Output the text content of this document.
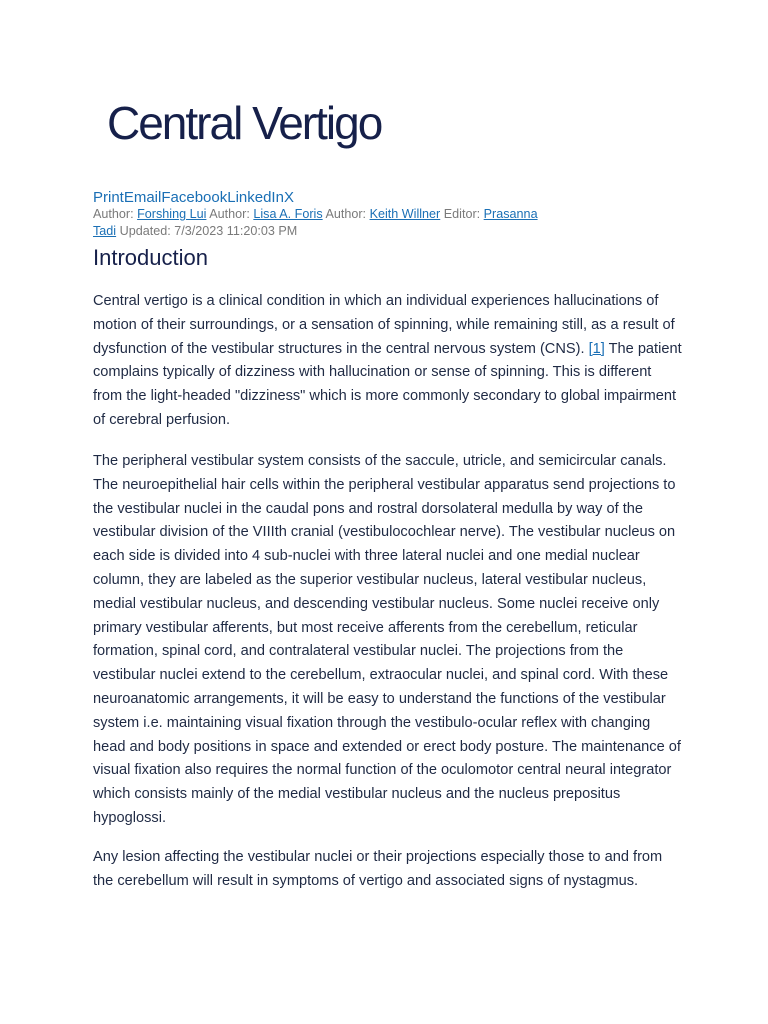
Central Vertigo
PrintEmailFacebookLinkedInX
Author: Forshing Lui Author: Lisa A. Foris Author: Keith Willner Editor: Prasanna Tadi Updated: 7/3/2023 11:20:03 PM
Introduction

Central vertigo is a clinical condition in which an individual experiences hallucinations of motion of their surroundings, or a sensation of spinning, while remaining still, as a result of dysfunction of the vestibular structures in the central nervous system (CNS). [1] The patient complains typically of dizziness with hallucination or sense of spinning. This is different from the light-headed "dizziness" which is more commonly secondary to global impairment of cerebral perfusion.

The peripheral vestibular system consists of the saccule, utricle, and semicircular canals. The neuroepithelial hair cells within the peripheral vestibular apparatus send projections to the vestibular nuclei in the caudal pons and rostral dorsolateral medulla by way of the vestibular division of the VIIIth cranial (vestibulocochlear nerve). The vestibular nucleus on each side is divided into 4 sub-nuclei with three lateral nuclei and one medial nuclear column, they are labeled as the superior vestibular nucleus, lateral vestibular nucleus, medial vestibular nucleus, and descending vestibular nucleus. Some nuclei receive only primary vestibular afferents, but most receive afferents from the cerebellum, reticular formation, spinal cord, and contralateral vestibular nuclei. The projections from the vestibular nuclei extend to the cerebellum, extraocular nuclei, and spinal cord. With these neuroanatomic arrangements, it will be easy to understand the functions of the vestibular system i.e. maintaining visual fixation through the vestibulo-ocular reflex with changing head and body positions in space and extended or erect body posture. The maintenance of visual fixation also requires the normal function of the oculomotor central neural integrator which consists mainly of the medial vestibular nucleus and the nucleus prepositus hypoglossi.

Any lesion affecting the vestibular nuclei or their projections especially those to and from the cerebellum will result in symptoms of vertigo and associated signs of nystagmus.
